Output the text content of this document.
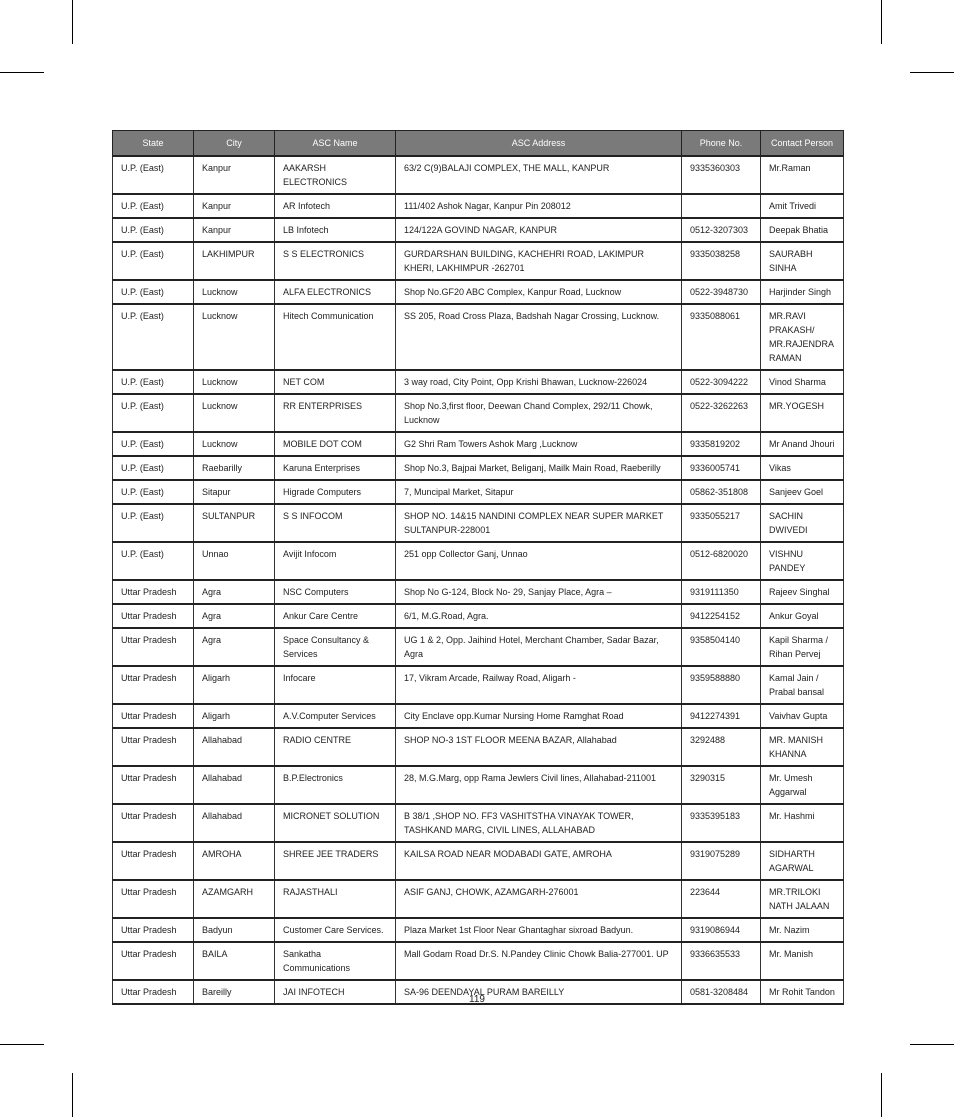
State	City	ASC Name	ASC Address	Phone No.	Contact Person
U.P. (East)	Kanpur	AAKARSH ELECTRONICS	63/2 C(9)BALAJI COMPLEX, THE MALL, KANPUR	9335360303	Mr.Raman
U.P. (East)	Kanpur	AR Infotech	111/402 Ashok Nagar, Kanpur Pin 208012		Amit Trivedi
U.P. (East)	Kanpur	LB Infotech	124/122A GOVIND NAGAR, KANPUR	0512-3207303	Deepak Bhatia
U.P. (East)	LAKHIMPUR	S S ELECTRONICS	GURDARSHAN BUILDING, KACHEHRI ROAD, LAKIMPUR KHERI, LAKHIMPUR -262701	9335038258	SAURABH SINHA
U.P. (East)	Lucknow	ALFA ELECTRONICS	Shop No.GF20 ABC Complex, Kanpur Road, Lucknow	0522-3948730	Harjinder Singh
U.P. (East)	Lucknow	Hitech Communication	SS 205, Road Cross Plaza, Badshah Nagar Crossing, Lucknow.	9335088061	MR.RAVI PRAKASH/ MR.RAJENDRA RAMAN
U.P. (East)	Lucknow	NET COM	3 way road, City Point, Opp Krishi Bhawan, Lucknow-226024	0522-3094222	Vinod Sharma
U.P. (East)	Lucknow	RR ENTERPRISES	Shop No.3,first floor, Deewan Chand Complex, 292/11 Chowk, Lucknow	0522-3262263	MR.YOGESH
U.P. (East)	Lucknow	MOBILE DOT COM	G2 Shri Ram Towers Ashok Marg ,Lucknow	9335819202	Mr Anand Jhouri
U.P. (East)	Raebarilly	Karuna Enterprises	Shop No.3, Bajpai Market, Beliganj, Mailk Main Road, Raeberilly	9336005741	Vikas
U.P. (East)	Sitapur	Higrade Computers	7, Muncipal Market, Sitapur	05862-351808	Sanjeev Goel
U.P. (East)	SULTANPUR	S S INFOCOM	SHOP NO. 14&15 NANDINI COMPLEX NEAR SUPER MARKET SULTANPUR-228001	9335055217	SACHIN DWIVEDI
U.P. (East)	Unnao	Avijit Infocom	251 opp Collector Ganj, Unnao	0512-6820020	VISHNU PANDEY
Uttar Pradesh	Agra	NSC Computers	Shop No G-124, Block No- 29, Sanjay Place, Agra –	9319111350	Rajeev Singhal
Uttar Pradesh	Agra	Ankur Care Centre	6/1, M.G.Road, Agra.	9412254152	Ankur Goyal
Uttar Pradesh	Agra	Space Consultancy & Services	UG 1 & 2, Opp. Jaihind Hotel, Merchant Chamber, Sadar Bazar, Agra	9358504140	Kapil Sharma / Rihan Pervej
Uttar Pradesh	Aligarh	Infocare	17, Vikram Arcade, Railway Road, Aligarh -	9359588880	Kamal Jain / Prabal bansal
Uttar Pradesh	Aligarh	A.V.Computer Services	City Enclave opp.Kumar Nursing Home Ramghat Road	9412274391	Vaivhav Gupta
Uttar Pradesh	Allahabad	RADIO CENTRE	SHOP NO-3 1ST FLOOR MEENA BAZAR, Allahabad	3292488	MR. MANISH KHANNA
Uttar Pradesh	Allahabad	B.P.Electronics	28, M.G.Marg, opp Rama Jewlers Civil lines, Allahabad-211001	3290315	Mr. Umesh Aggarwal
Uttar Pradesh	Allahabad	MICRONET SOLUTION	B 38/1 ,SHOP NO. FF3 VASHITSTHA VINAYAK TOWER, TASHKAND MARG, CIVIL LINES, ALLAHABAD	9335395183	Mr. Hashmi
Uttar Pradesh	AMROHA	SHREE JEE TRADERS	KAILSA ROAD NEAR MODABADI GATE, AMROHA	9319075289	SIDHARTH AGARWAL
Uttar Pradesh	AZAMGARH	RAJASTHALI	ASIF GANJ, CHOWK, AZAMGARH-276001	223644	MR.TRILOKI NATH JALAAN
Uttar Pradesh	Badyun	Customer Care Services.	Plaza Market 1st Floor Near Ghantaghar sixroad Badyun.	9319086944	Mr. Nazim
Uttar Pradesh	BAILA	Sankatha Communications	Mall Godam Road Dr.S. N.Pandey Clinic Chowk Balia-277001. UP	9336635533	Mr. Manish
Uttar Pradesh	Bareilly	JAI INFOTECH	SA-96 DEENDAYAL PURAM BAREILLY	0581-3208484	Mr Rohit Tandon
119
